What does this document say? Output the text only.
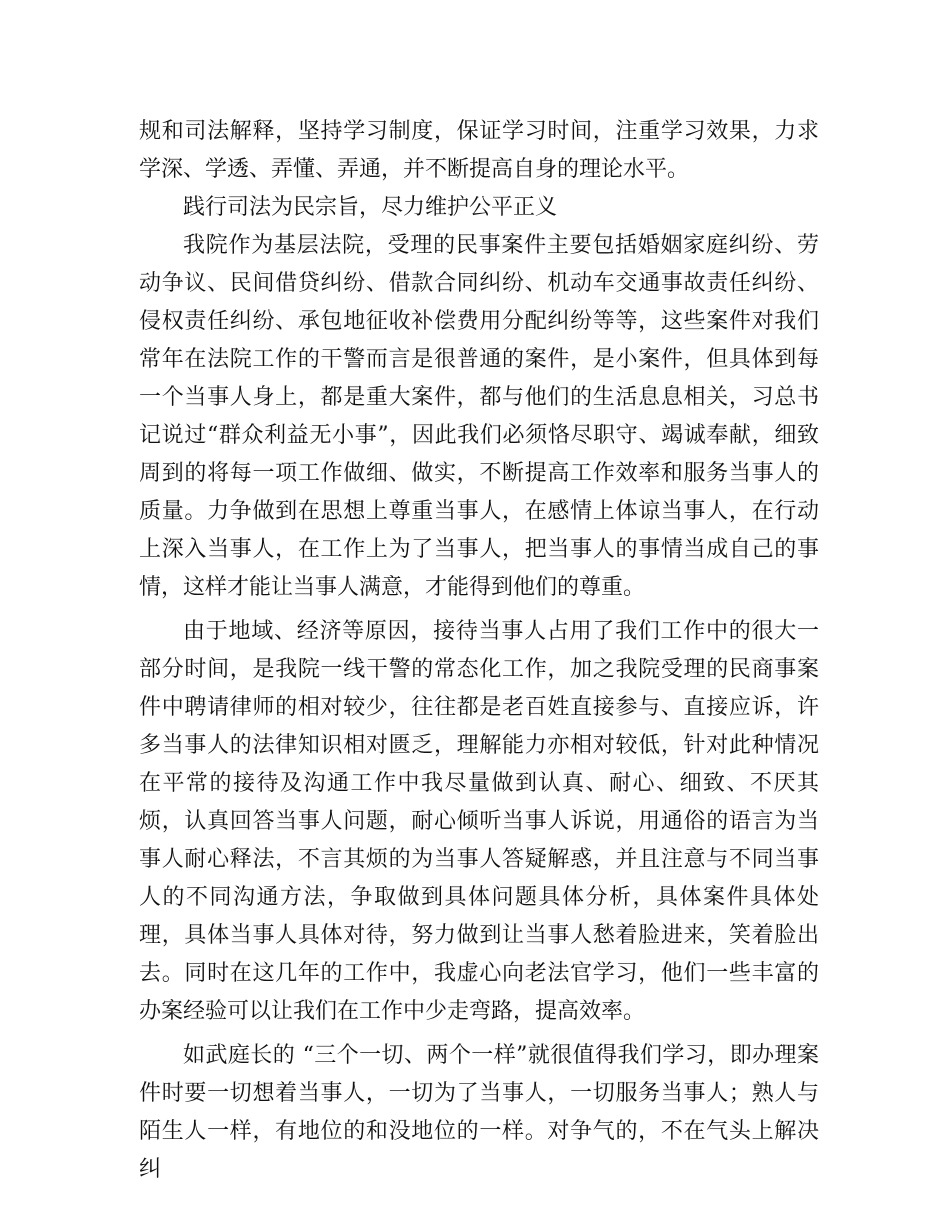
规和司法解释，坚持学习制度，保证学习时间，注重学习效果，力求学深、学透、弄懂、弄通，并不断提高自身的理论水平。

践行司法为民宗旨，尽力维护公平正义

我院作为基层法院，受理的民事案件主要包括婚姻家庭纠纷、劳动争议、民间借贷纠纷、借款合同纠纷、机动车交通事故责任纠纷、侵权责任纠纷、承包地征收补偿费用分配纠纷等等，这些案件对我们常年在法院工作的干警而言是很普通的案件，是小案件，但具体到每一个当事人身上，都是重大案件，都与他们的生活息息相关，习总书记说过“群众利益无小事”，因此我们必须恪尽职守、竭诚奉献，细致周到的将每一项工作做细、做实，不断提高工作效率和服务当事人的质量。力争做到在思想上尊重当事人，在感情上体谅当事人，在行动上深入当事人，在工作上为了当事人，把当事人的事情当成自己的事情，这样才能让当事人满意，才能得到他们的尊重。

由于地域、经济等原因，接待当事人占用了我们工作中的很大一部分时间，是我院一线干警的常态化工作，加之我院受理的民商事案件中聘请律师的相对较少，往往都是老百姓直接参与、直接应诉，许多当事人的法律知识相对匮乏，理解能力亦相对较低，针对此种情况在平常的接待及沟通工作中我尽量做到认真、耐心、细致、不厌其烦，认真回答当事人问题，耐心倾听当事人诉说，用通俗的语言为当事人耐心释法，不言其烦的为当事人答疑解惑，并且注意与不同当事人的不同沟通方法，争取做到具体问题具体分析，具体案件具体处理，具体当事人具体对待，努力做到让当事人愁着脸进来，笑着脸出去。同时在这几年的工作中，我虚心向老法官学习，他们一些丰富的办案经验可以让我们在工作中少走弯路，提高效率。

如武庭长的 “三个一切、两个一样”就很值得我们学习，即办理案件时要一切想着当事人，一切为了当事人，一切服务当事人；熟人与陌生人一样，有地位的和没地位的一样。对争气的，不在气头上解决纠
